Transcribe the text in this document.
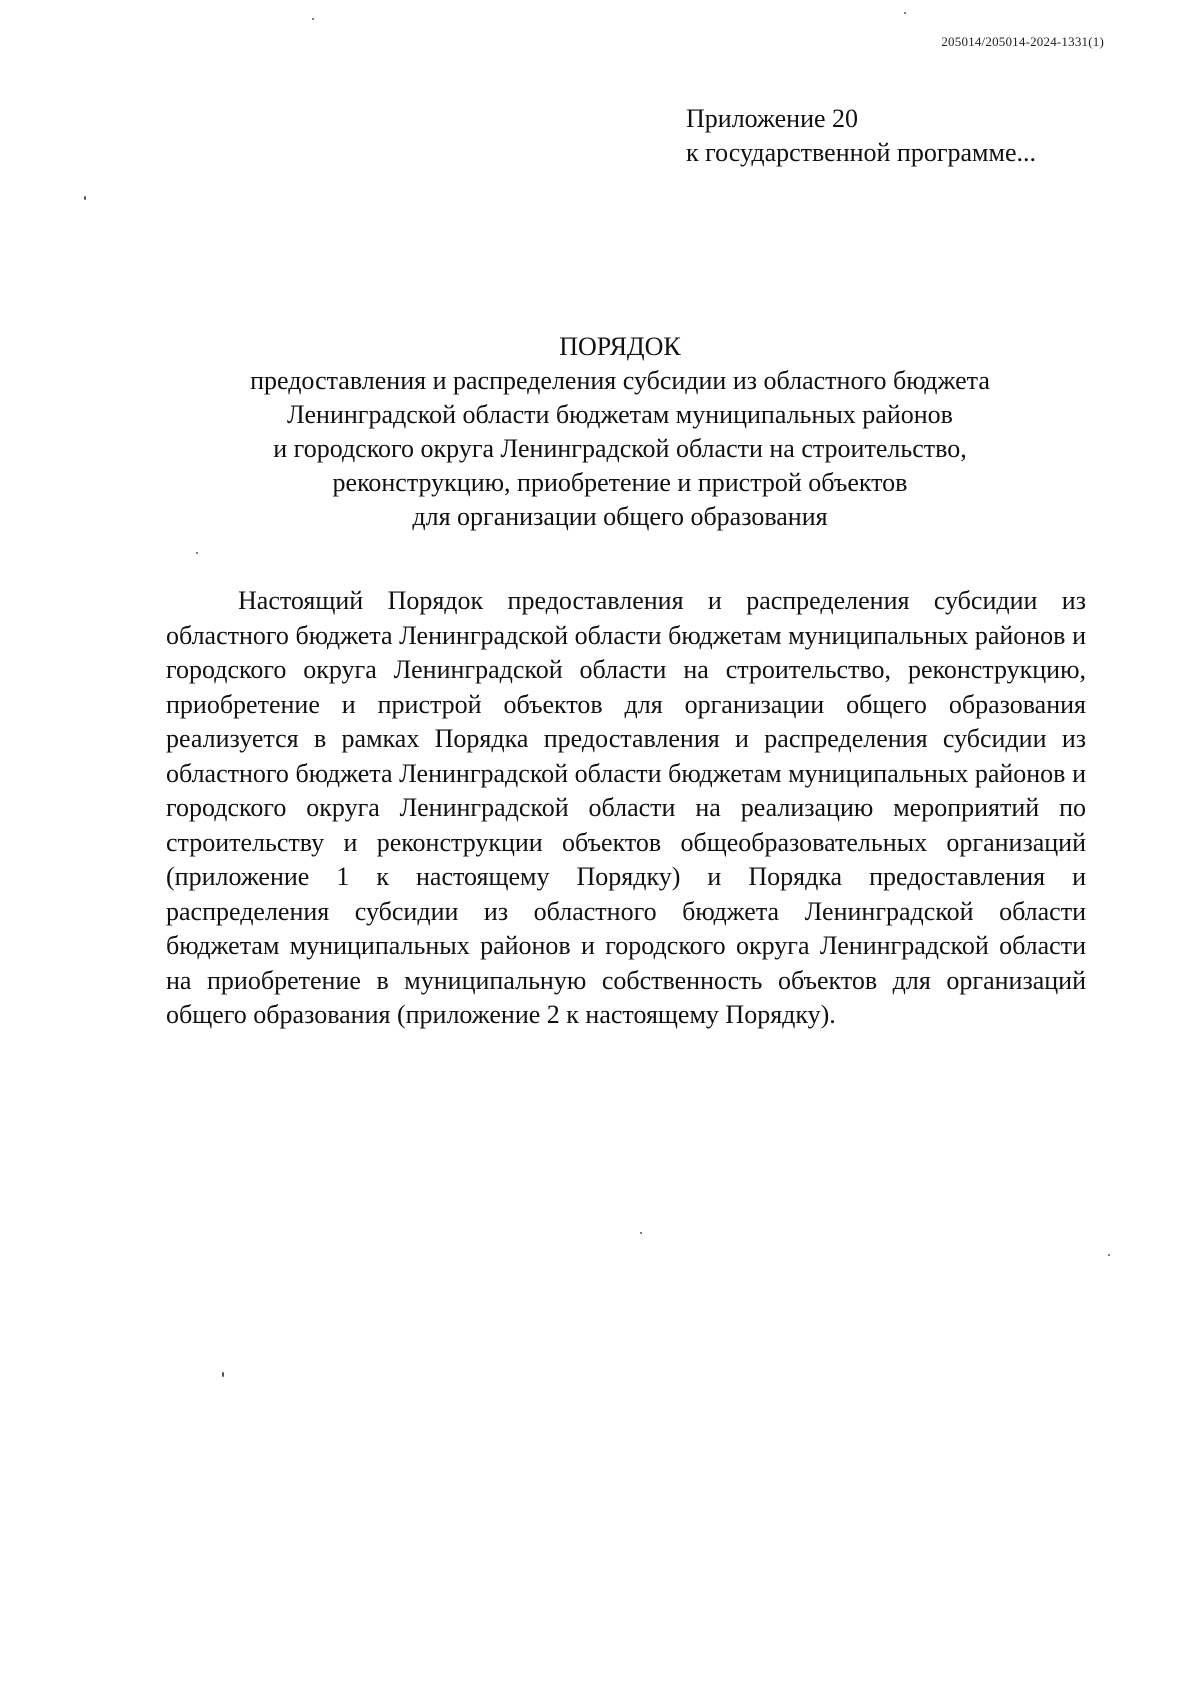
205014/205014-2024-1331(1)
Приложение 20
к государственной программе...
ПОРЯДОК
предоставления и распределения субсидии из областного бюджета
Ленинградской области бюджетам муниципальных районов
и городского округа Ленинградской области на строительство,
реконструкцию, приобретение и пристрой объектов
для организации общего образования

Настоящий Порядок предоставления и распределения субсидии из областного бюджета Ленинградской области бюджетам муниципальных районов и городского округа Ленинградской области на строительство, реконструкцию, приобретение и пристрой объектов для организации общего образования реализуется в рамках Порядка предоставления и распределения субсидии из областного бюджета Ленинградской области бюджетам муниципальных районов и городского округа Ленинградской области на реализацию мероприятий по строительству и реконструкции объектов общеобразовательных организаций (приложение 1 к настоящему Порядку) и Порядка предоставления и распределения субсидии из областного бюджета Ленинградской области бюджетам муниципальных районов и городского округа Ленинградской области на приобретение в муниципальную собственность объектов для организаций общего образования (приложение 2 к настоящему Порядку).
